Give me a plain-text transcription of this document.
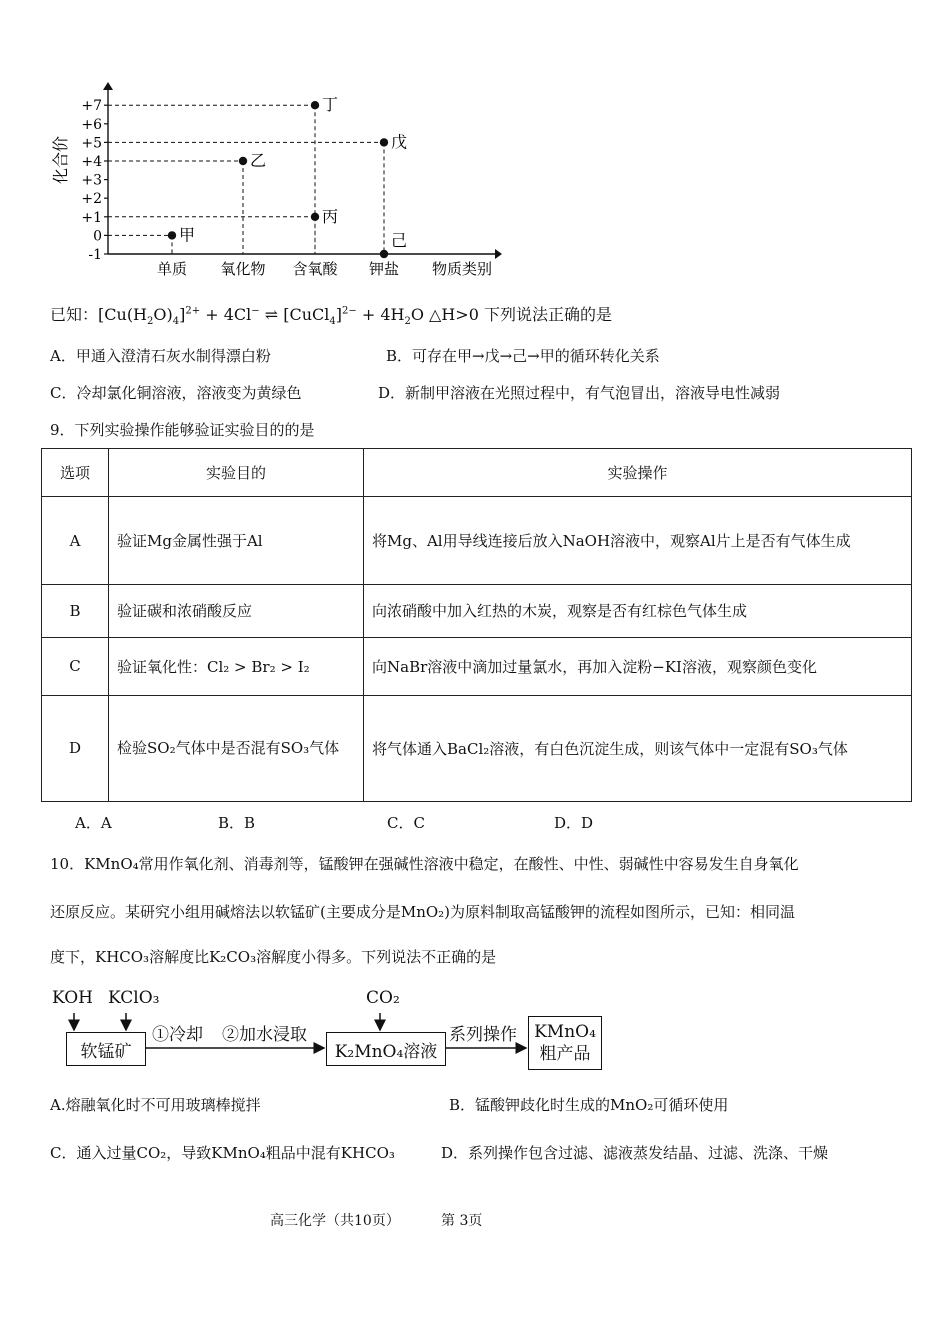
+7
+6
+5
+4
+3
+2
+1
0
-1
化合价
单质 氧化物 含氧酸 钾盐 物质类别
甲
乙
丙
丁
戊
己
已知：$[Cu(H_2O)_4]^{2+} + 4Cl^-$ ⇌ [CuCl$_4$]$^{2-}$ + $4H_2O$ △H>0 下列说法正确的是
A．甲通入澄清石灰水制得漂白粉	B．可存在甲→戊→己→甲的循环转化关系
C．冷却氯化铜溶液，溶液变为黄绿色	D．新制甲溶液在光照过程中，有气泡冒出，溶液导电性减弱
9．下列实验操作能够验证实验目的的是
选项	实验目的	实验操作
A	验证Mg金属性强于Al	将Mg、Al用导线连接后放入NaOH溶液中，观察Al片上是否有气体生成
B	验证碳和浓硝酸反应	向浓硝酸中加入红热的木炭，观察是否有红棕色气体生成
C	验证氧化性：Cl₂ > Br₂ > I₂	向NaBr溶液中滴加过量氯水，再加入淀粉−KI溶液，观察颜色变化
D	检验SO₂气体中是否混有SO₃气体	将气体通入BaCl₂溶液，有白色沉淀生成，则该气体中一定混有SO₃气体
A．A	B．B	C．C	D．D
10．KMnO₄常用作氧化剂、消毒剂等，锰酸钾在强碱性溶液中稳定，在酸性、中性、弱碱性中容易发生自身氧化
还原反应。某研究小组用碱熔法以软锰矿(主要成分是MnO₂)为原料制取高锰酸钾的流程如图所示，已知：相同温
度下，KHCO₃溶解度比K₂CO₃溶解度小得多。下列说法不正确的是
KOH KClO₃
软锰矿
①冷却 ②加水浸取
CO₂
K₂MnO₄溶液
系列操作 KMnO₄
粗产品
A.熔融氧化时不可用玻璃棒搅拌	B．锰酸钾歧化时生成的MnO₂可循环使用
C．通入过量CO₂，导致KMnO₄粗品中混有KHCO₃	D．系列操作包含过滤、滤液蒸发结晶、过滤、洗涤、干燥
高三化学（共10页）	第 3页
